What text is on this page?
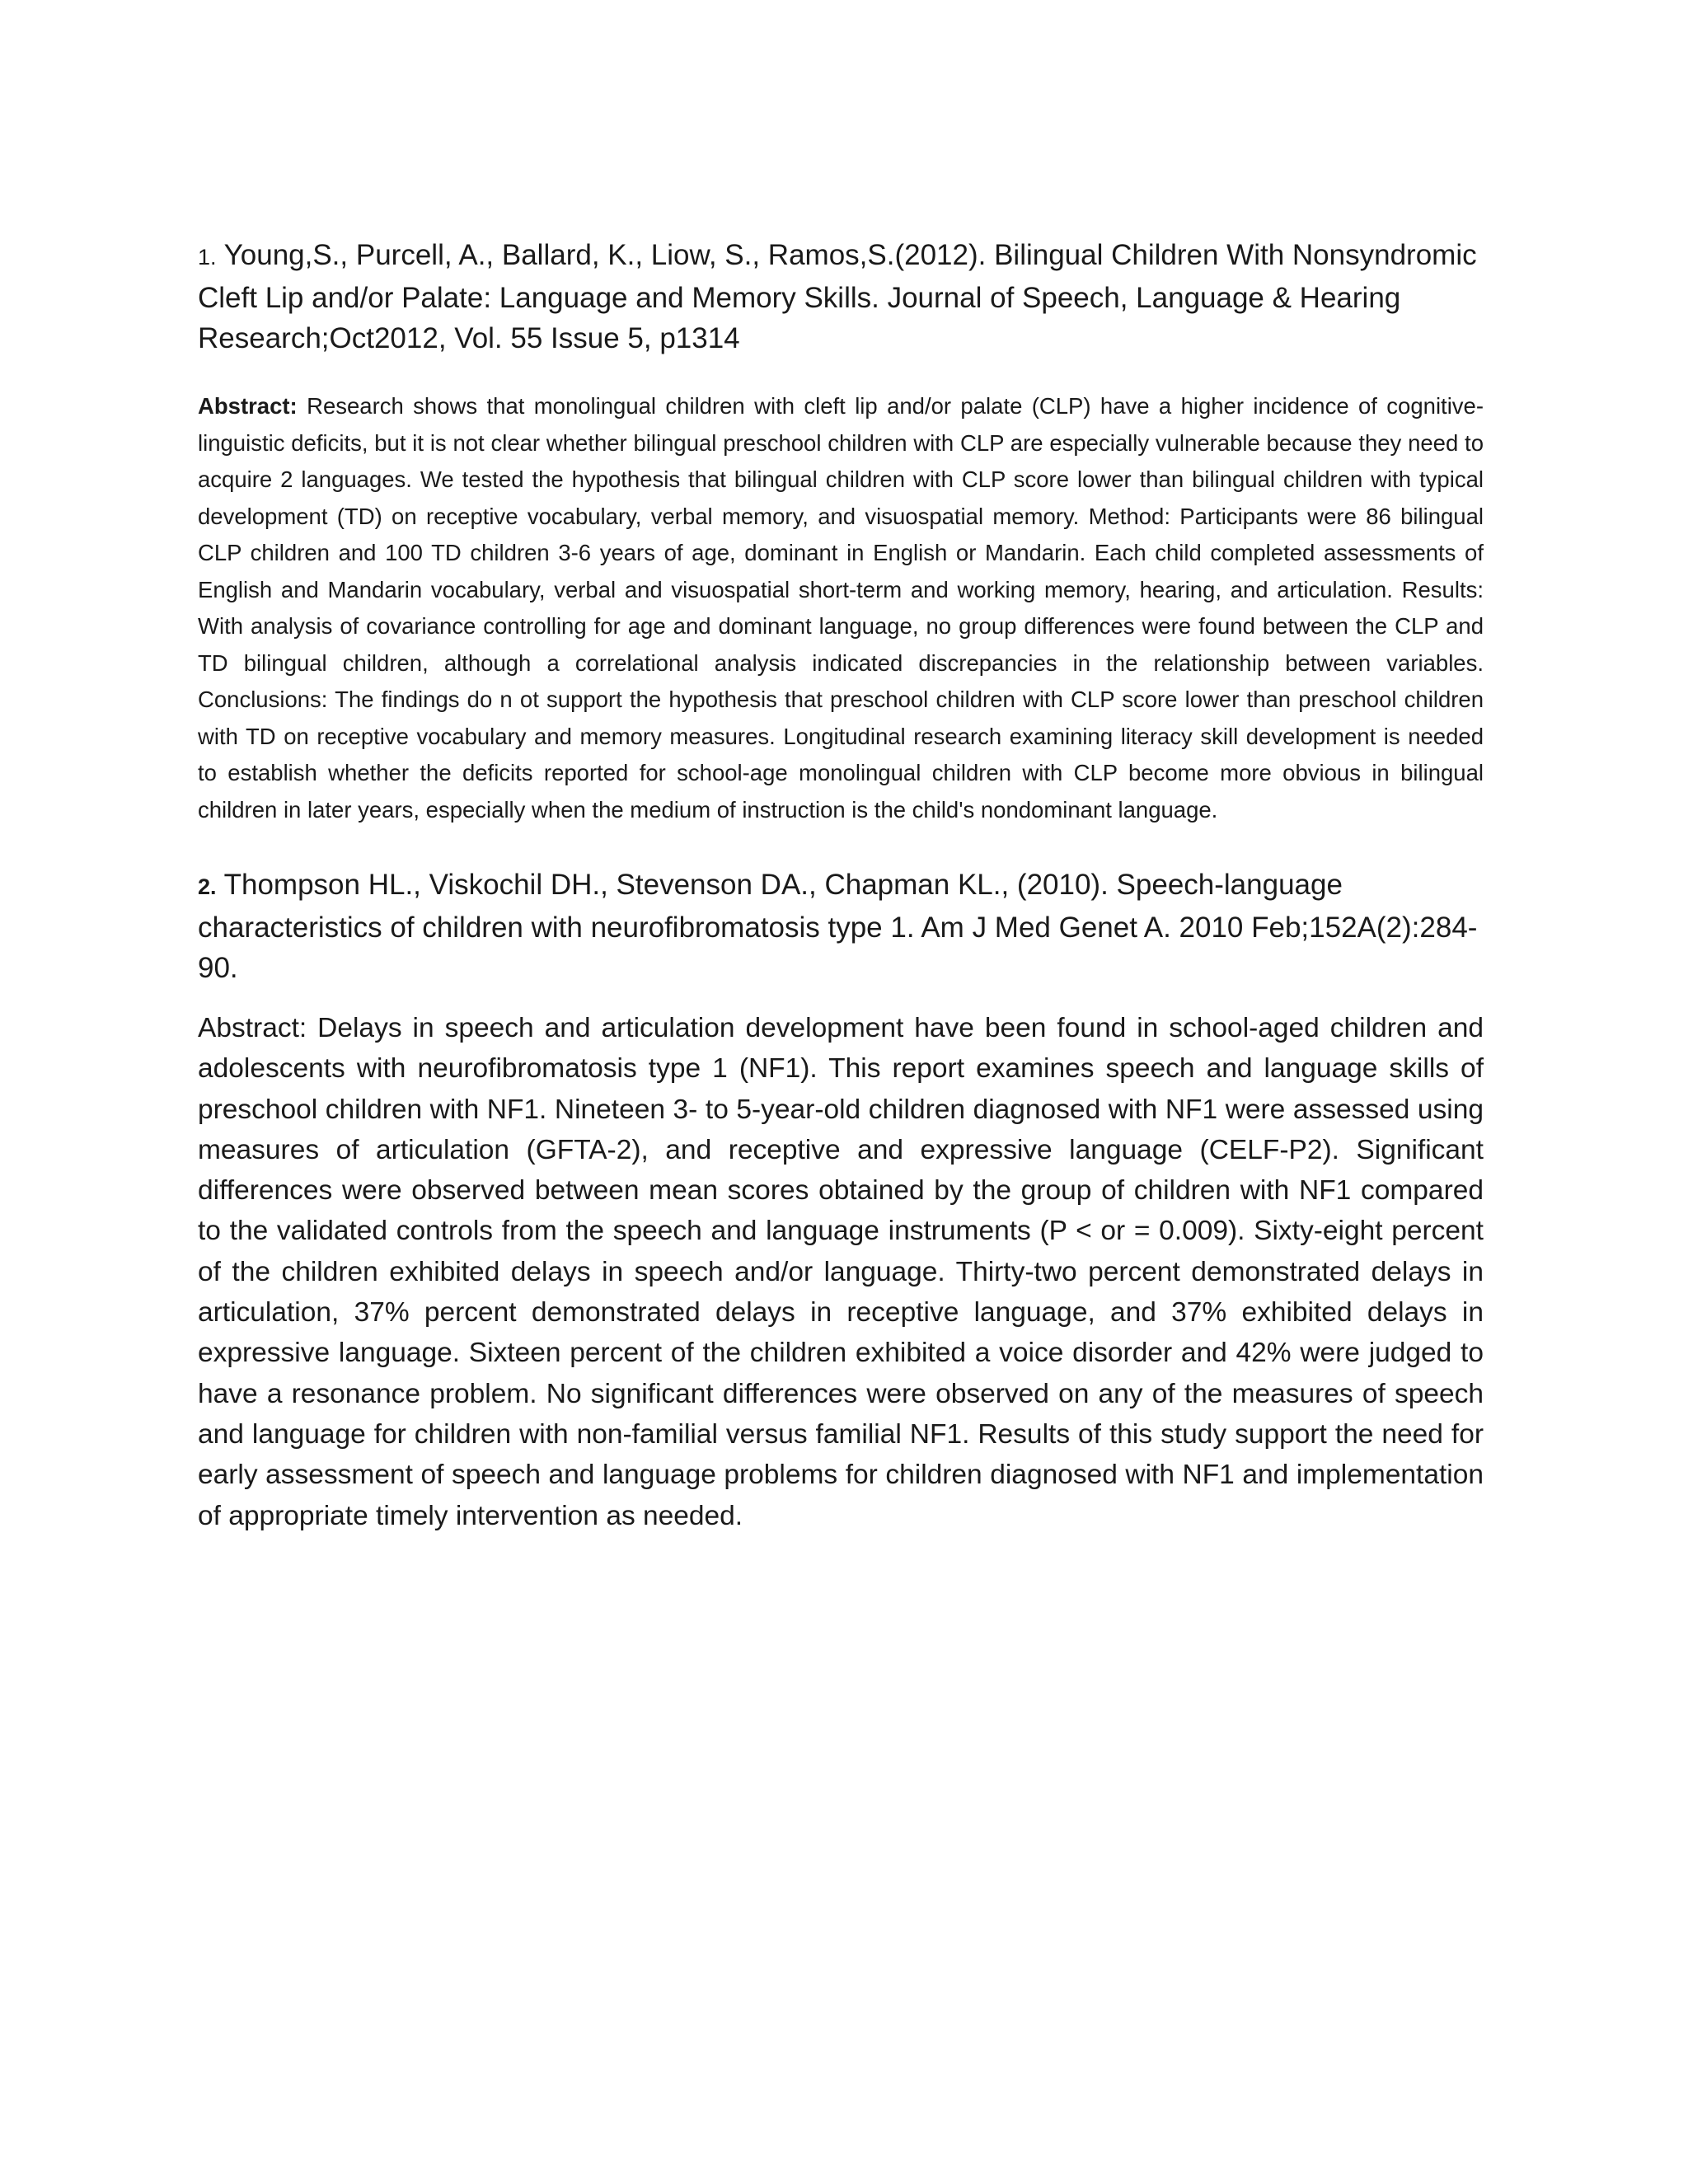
1. Young,S., Purcell, A., Ballard, K., Liow, S., Ramos,S.(2012). Bilingual Children With Nonsyndromic Cleft Lip and/or Palate: Language and Memory Skills. Journal of Speech, Language & Hearing Research;Oct2012, Vol. 55 Issue 5, p1314

Abstract: Research shows that monolingual children with cleft lip and/or palate (CLP) have a higher incidence of cognitive-linguistic deficits, but it is not clear whether bilingual preschool children with CLP are especially vulnerable because they need to acquire 2 languages. We tested the hypothesis that bilingual children with CLP score lower than bilingual children with typical development (TD) on receptive vocabulary, verbal memory, and visuospatial memory. Method: Participants were 86 bilingual CLP children and 100 TD children 3-6 years of age, dominant in English or Mandarin. Each child completed assessments of English and Mandarin vocabulary, verbal and visuospatial short-term and working memory, hearing, and articulation. Results: With analysis of covariance controlling for age and dominant language, no group differences were found between the CLP and TD bilingual children, although a correlational analysis indicated discrepancies in the relationship between variables. Conclusions: The findings do n ot support the hypothesis that preschool children with CLP score lower than preschool children with TD on receptive vocabulary and memory measures. Longitudinal research examining literacy skill development is needed to establish whether the deficits reported for school-age monolingual children with CLP become more obvious in bilingual children in later years, especially when the medium of instruction is the child's nondominant language.

2. Thompson HL., Viskochil DH., Stevenson DA., Chapman KL., (2010). Speech-language characteristics of children with neurofibromatosis type 1. Am J Med Genet A. 2010 Feb;152A(2):284-90.

Abstract: Delays in speech and articulation development have been found in school-aged children and adolescents with neurofibromatosis type 1 (NF1). This report examines speech and language skills of preschool children with NF1. Nineteen 3- to 5-year-old children diagnosed with NF1 were assessed using measures of articulation (GFTA-2), and receptive and expressive language (CELF-P2). Significant differences were observed between mean scores obtained by the group of children with NF1 compared to the validated controls from the speech and language instruments (P < or = 0.009). Sixty-eight percent of the children exhibited delays in speech and/or language. Thirty-two percent demonstrated delays in articulation, 37% percent demonstrated delays in receptive language, and 37% exhibited delays in expressive language. Sixteen percent of the children exhibited a voice disorder and 42% were judged to have a resonance problem. No significant differences were observed on any of the measures of speech and language for children with non-familial versus familial NF1. Results of this study support the need for early assessment of speech and language problems for children diagnosed with NF1 and implementation of appropriate timely intervention as needed.
